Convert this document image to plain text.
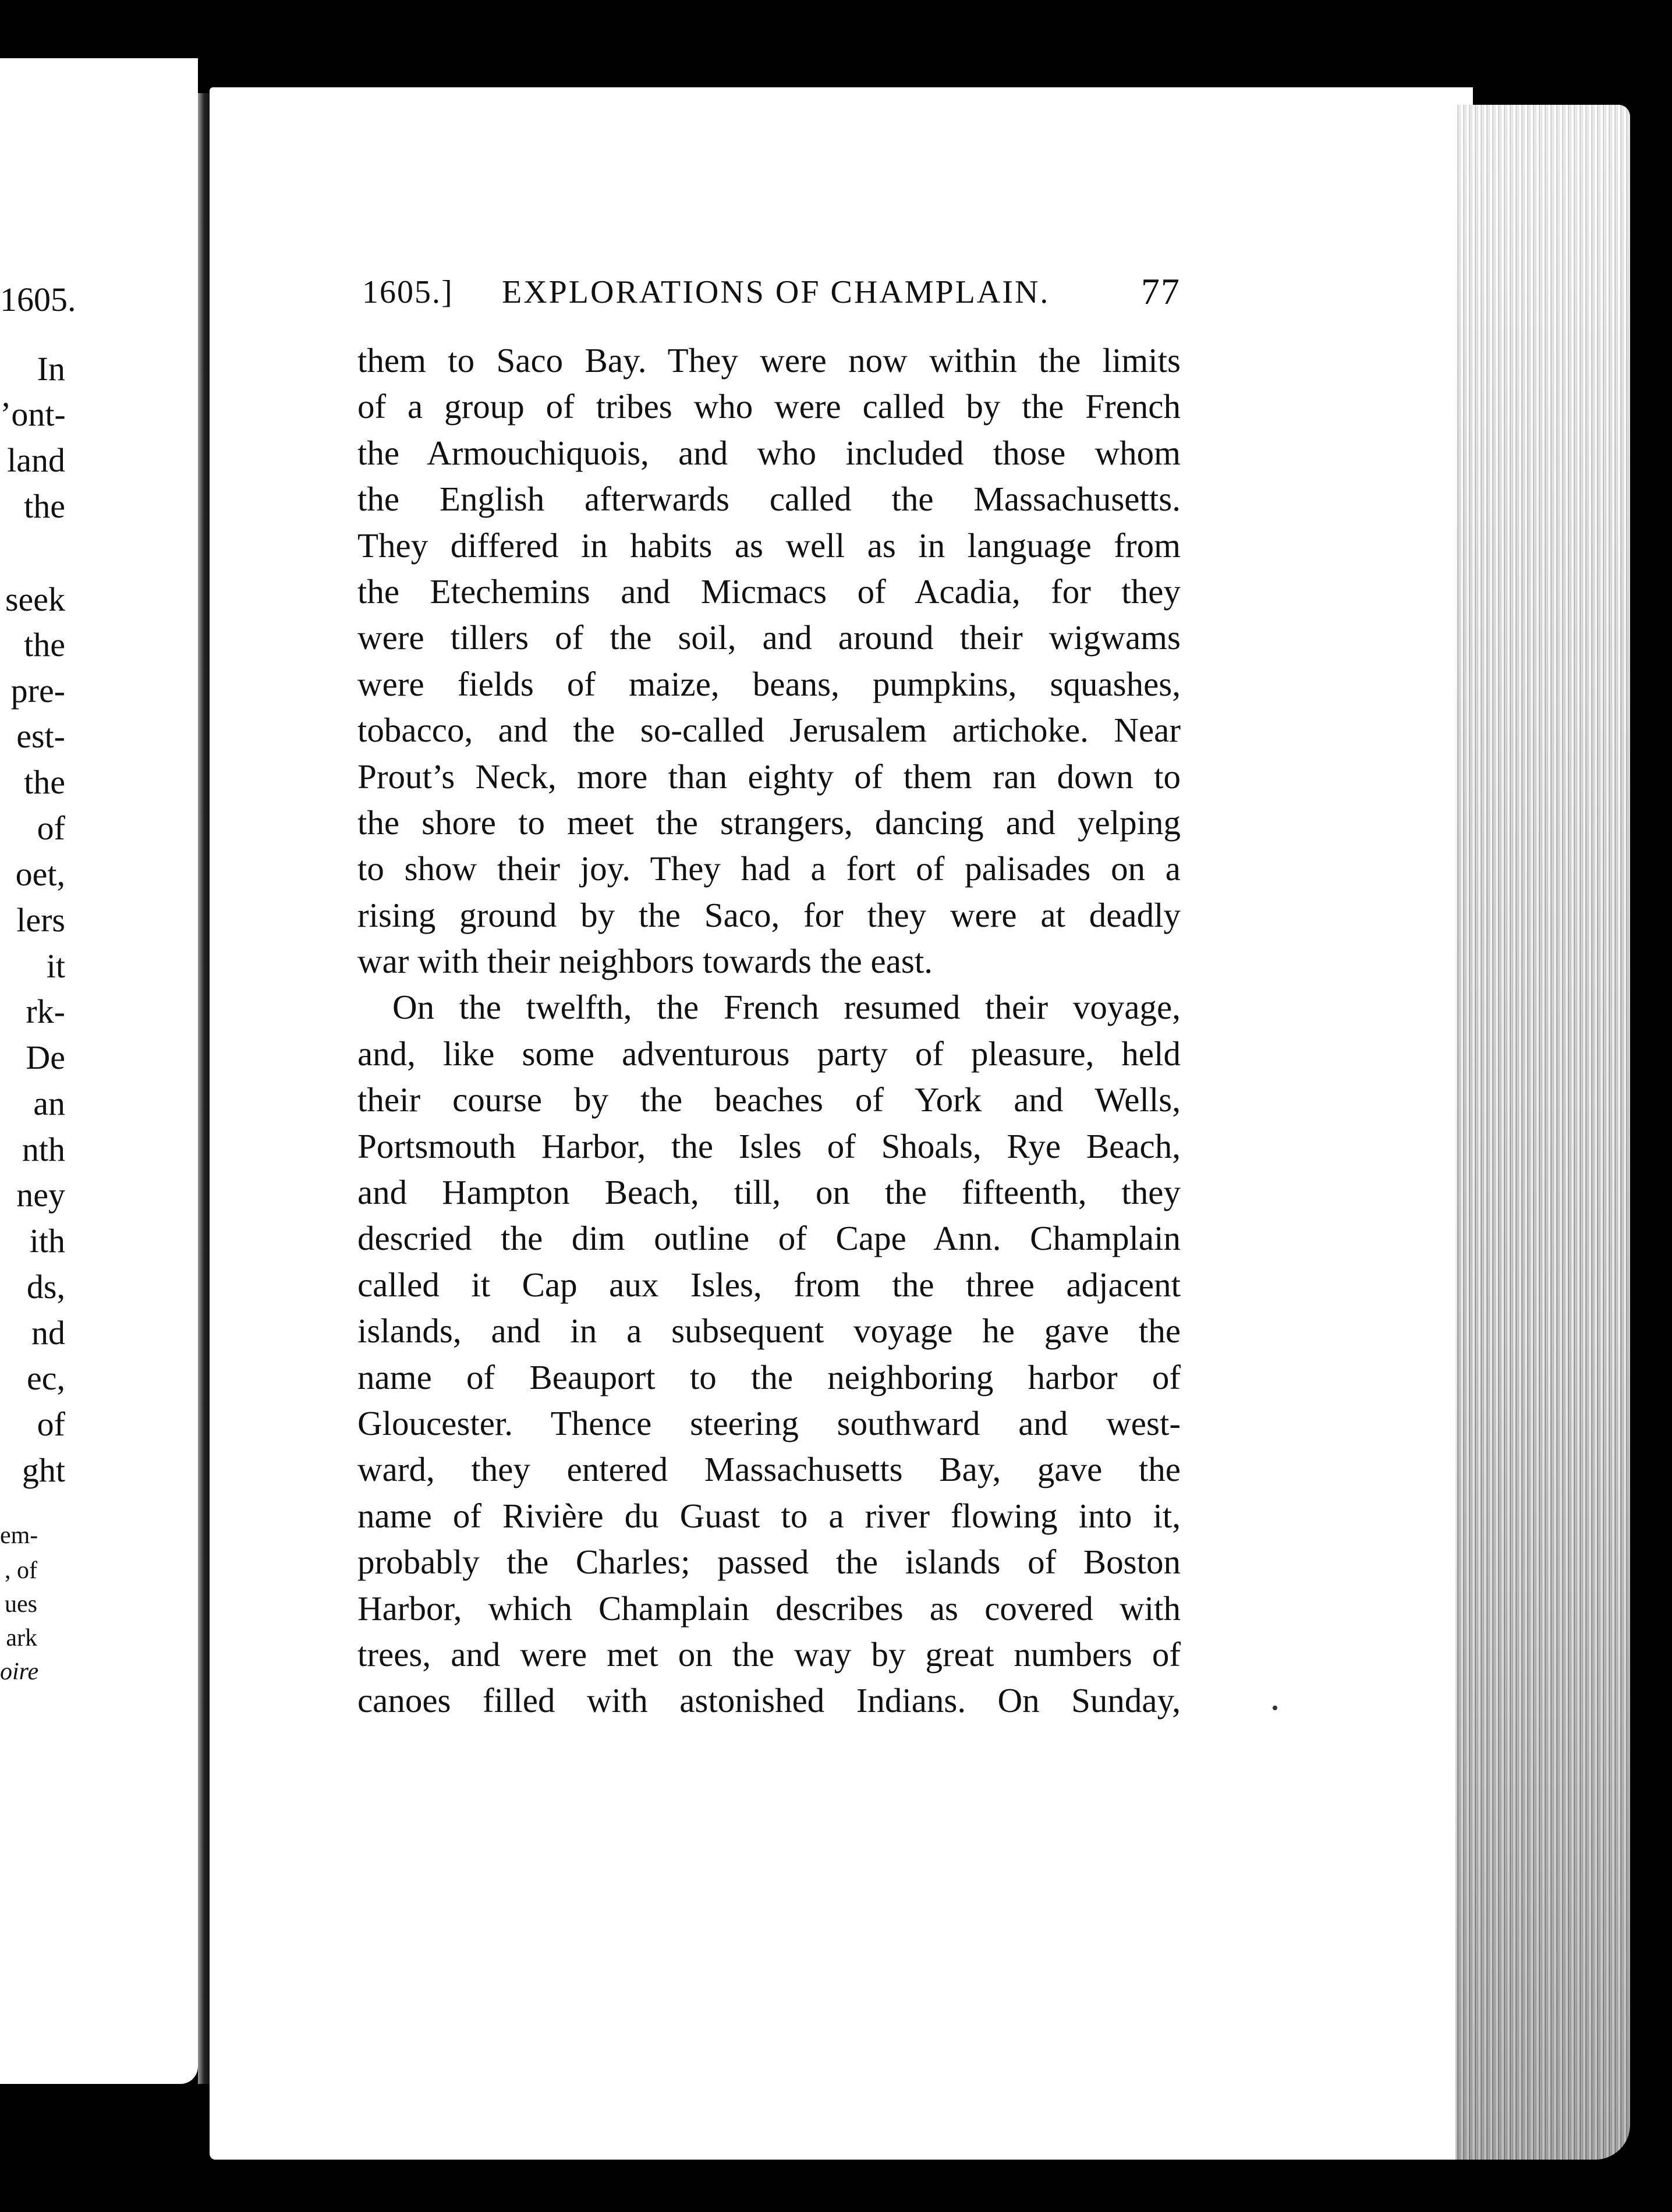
1605.
In
’ont-
land
the
seek
the
pre-
est-
the
of
oet,
lers
it
rk-
De
an
nth
ney
ith
ds,
nd
ec,
of
ght
em-
, of
ues
ark
oire
1605.] EXPLORATIONS OF CHAMPLAIN. 77
them to Saco Bay. They were now within the limits
of a group of tribes who were called by the French
the Armouchiquois, and who included those whom
the English afterwards called the Massachusetts.
They differed in habits as well as in language from
the Etechemins and Micmacs of Acadia, for they
were tillers of the soil, and around their wigwams
were fields of maize, beans, pumpkins, squashes,
tobacco, and the so-called Jerusalem artichoke. Near
Prout’s Neck, more than eighty of them ran down to
the shore to meet the strangers, dancing and yelping
to show their joy. They had a fort of palisades on a
rising ground by the Saco, for they were at deadly
war with their neighbors towards the east.
On the twelfth, the French resumed their voyage,
and, like some adventurous party of pleasure, held
their course by the beaches of York and Wells,
Portsmouth Harbor, the Isles of Shoals, Rye Beach,
and Hampton Beach, till, on the fifteenth, they
descried the dim outline of Cape Ann. Champlain
called it Cap aux Isles, from the three adjacent
islands, and in a subsequent voyage he gave the
name of Beauport to the neighboring harbor of
Gloucester. Thence steering southward and west-
ward, they entered Massachusetts Bay, gave the
name of Rivière du Guast to a river flowing into it,
probably the Charles; passed the islands of Boston
Harbor, which Champlain describes as covered with
trees, and were met on the way by great numbers of
canoes filled with astonished Indians. On Sunday,
